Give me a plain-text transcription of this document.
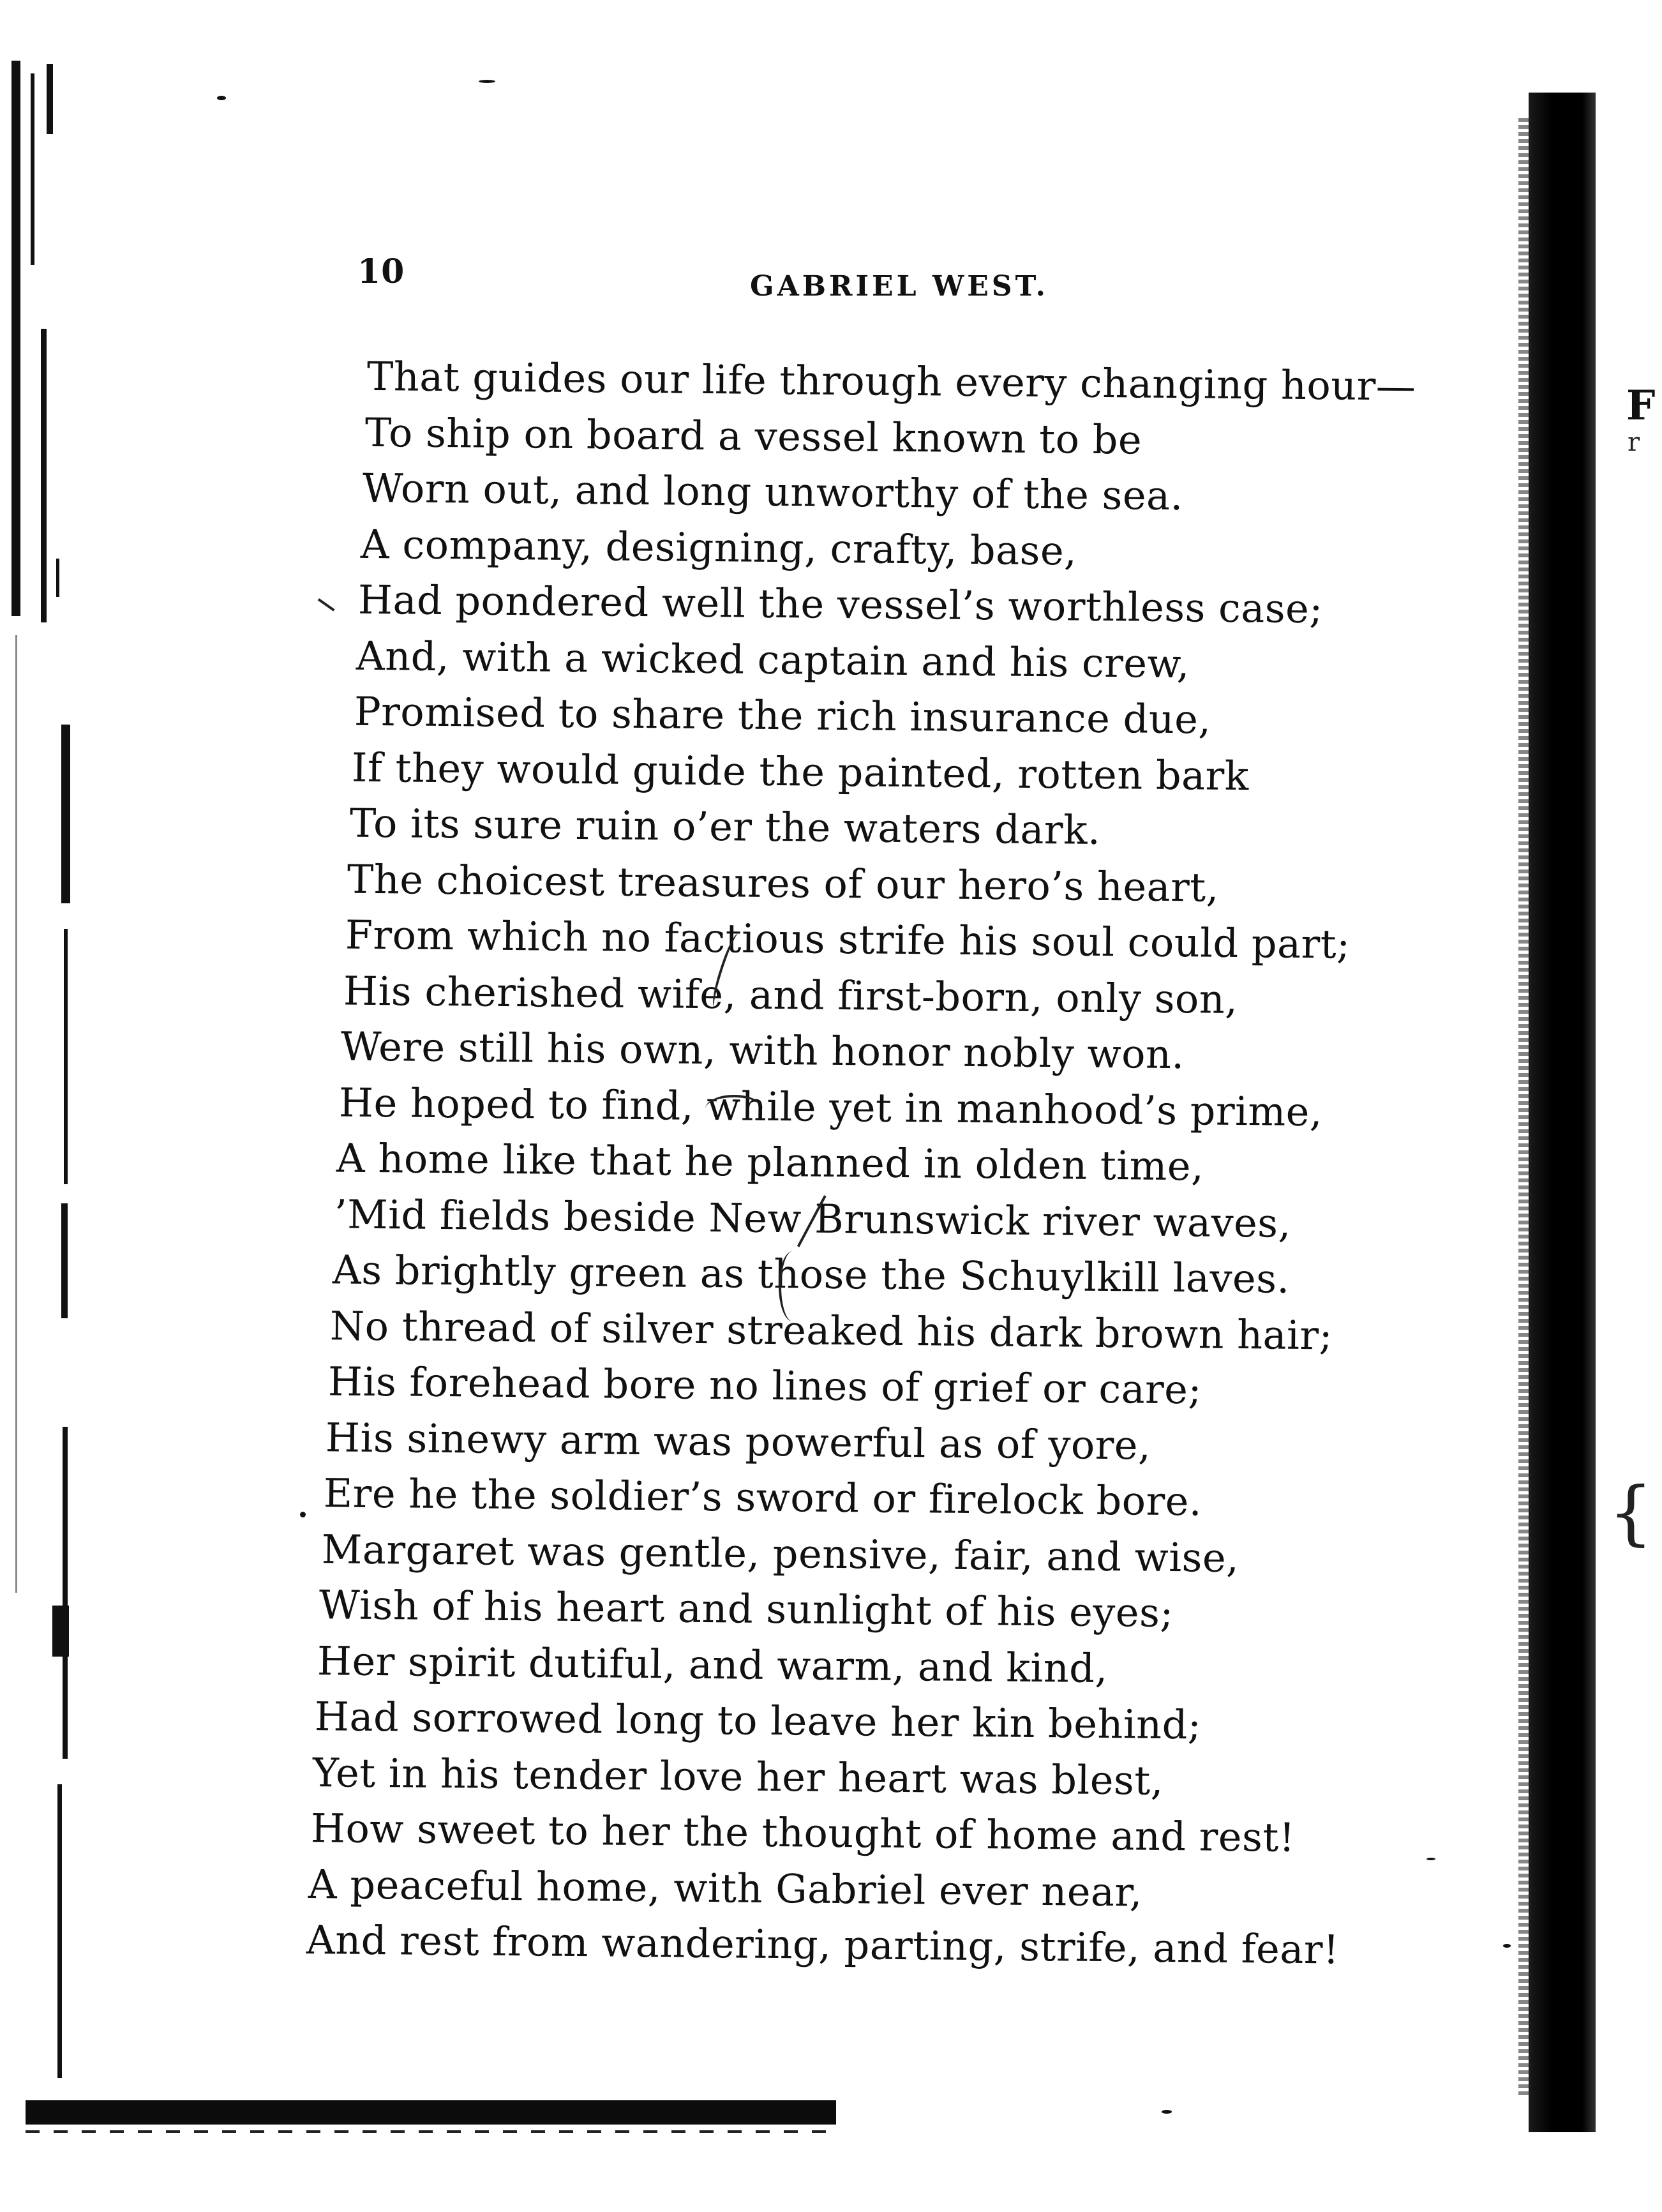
F
r
{
10	GABRIEL WEST.
That guides our life through every changing hour—
To ship on board a vessel known to be
Worn out, and long unworthy of the sea.
A company, designing, crafty, base,
Had pondered well the vessel’s worthless case;
And, with a wicked captain and his crew,
Promised to share the rich insurance due,
If they would guide the painted, rotten bark
To its sure ruin o’er the waters dark.
The choicest treasures of our hero’s heart,
From which no factious strife his soul could part;
His cherished wife, and first-born, only son,
Were still his own, with honor nobly won.
He hoped to find, while yet in manhood’s prime,
A home like that he planned in olden time,
’Mid fields beside New Brunswick river waves,
As brightly green as those the Schuylkill laves.
No thread of silver streaked his dark brown hair;
His forehead bore no lines of grief or care;
His sinewy arm was powerful as of yore,
Ere he the soldier’s sword or firelock bore.
Margaret was gentle, pensive, fair, and wise,
Wish of his heart and sunlight of his eyes;
Her spirit dutiful, and warm, and kind,
Had sorrowed long to leave her kin behind;
Yet in his tender love her heart was blest,
How sweet to her the thought of home and rest!
A peaceful home, with Gabriel ever near,
And rest from wandering, parting, strife, and fear!
